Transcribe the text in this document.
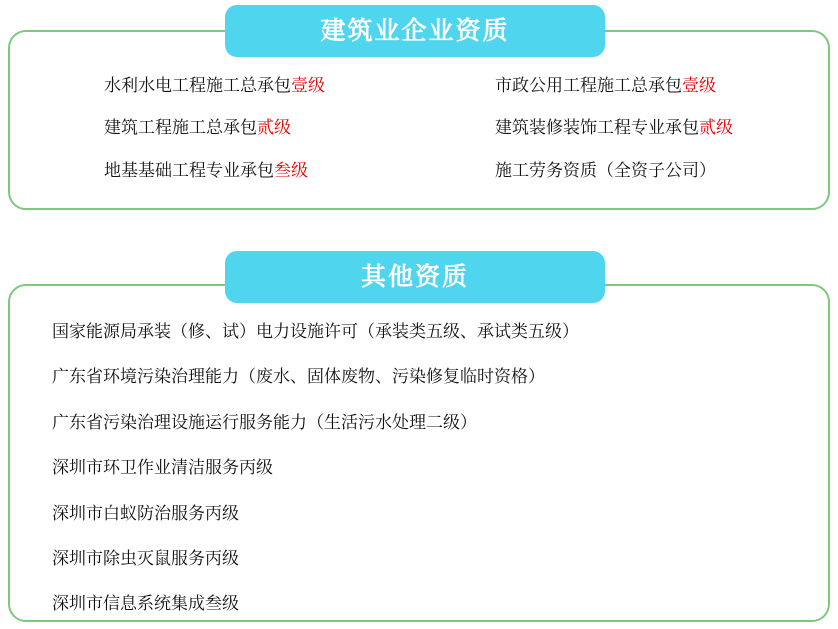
水利水电工程施工总承包壹级	市政公用工程施工总承包壹级
建筑工程施工总承包贰级	建筑装修装饰工程专业承包贰级
地基基础工程专业承包叁级	施工劳务资质（全资子公司）
建筑业企业资质
国家能源局承装（修、试）电力设施许可（承装类五级、承试类五级）
广东省环境污染治理能力（废水、固体废物、污染修复临时资格）
广东省污染治理设施运行服务能力（生活污水处理二级）
深圳市环卫作业清洁服务丙级
深圳市白蚁防治服务丙级
深圳市除虫灭鼠服务丙级
深圳市信息系统集成叁级
其他资质
